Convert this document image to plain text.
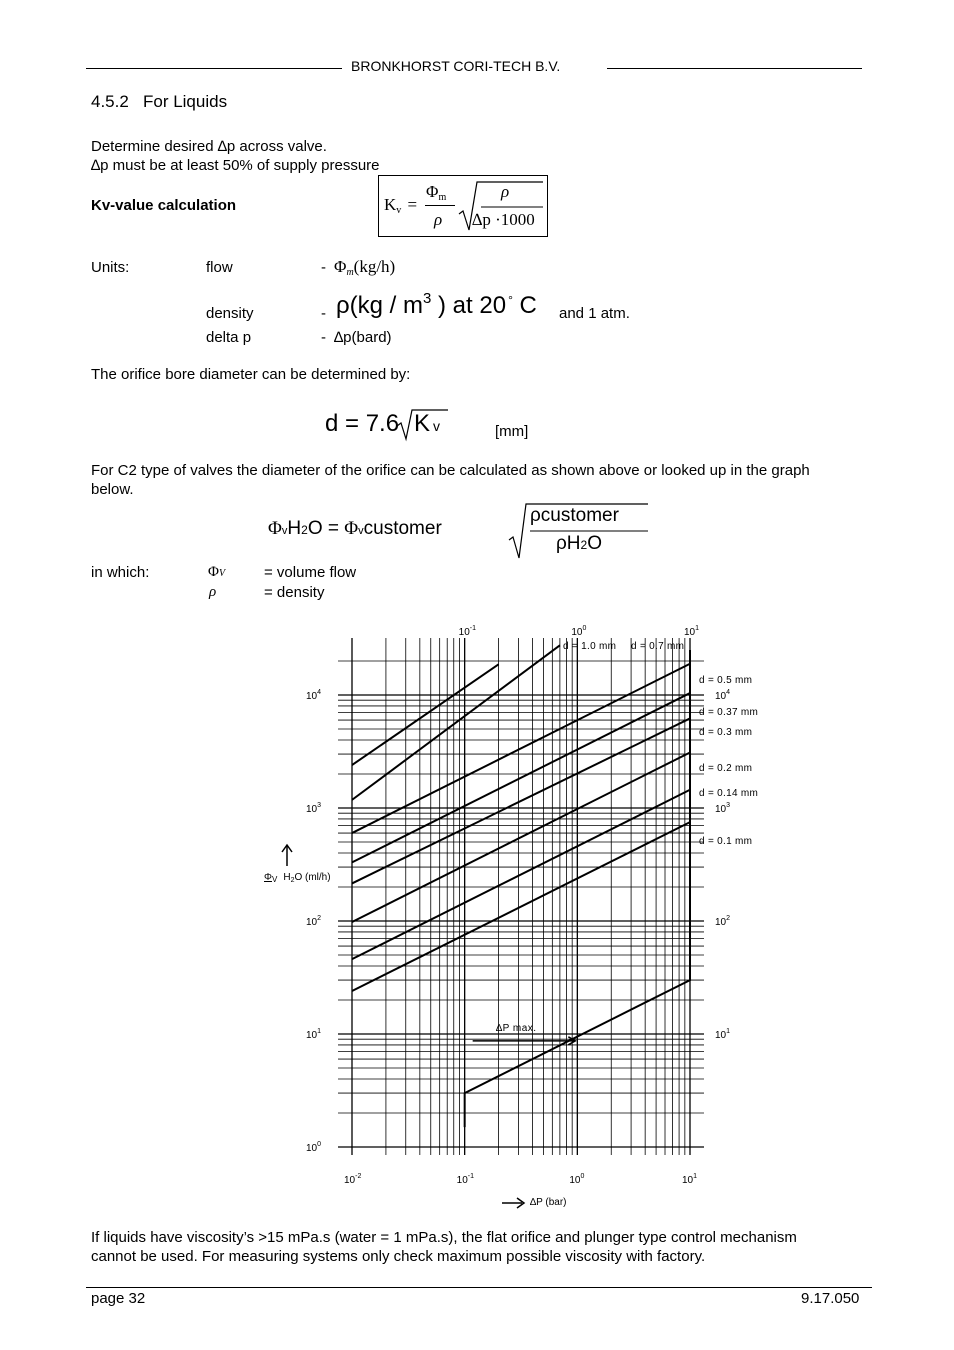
BRONKHORST CORI-TECH B.V.
4.5.2   For Liquids
Determine desired ∆p across valve.
∆p must be at least 50% of supply pressure
Kv-value calculation	Kv =
Φm
ρ
ρ
∆p ·1000
Units:	flow	- Φm(kg/h)
density	- $\rho(kg / m^3$ ) at 20 ° C and 1 atm.
delta p	- ∆p(bard)
The orifice bore diameter can be determined by:
d = 7.6 Kv	[mm]
For C2 type of valves the diameter of the orifice can be calculated as shown above or looked up in the graph
below.
ΦvH2O = Φvcustomer
ρcustomer
ρH2O
in which:	ΦV	= volume flow
ρ	= density
$10^{-2}$	$10^{-1}$	$10^0$	$10^1$
$10^{-1}$	$10^0$	$10^1$
$10^0$
$10^1$
$10^2$
$10^3$
$10^4$
$10^1$
$10^2$
$10^3$
$10^4$
d = 1.0 mm d = 0.7 mm
d = 0.5 mm
d = 0.37 mm
d = 0.3 mm
d = 0.2 mm
d = 0.14 mm
d = 0.1 mm
$\Phi_V$ $H_2O$ (ml/h)
∆P (bar)
∆P max.
If liquids have viscosity’s >15 mPa.s (water = 1 mPa.s), the flat orifice and plunger type control mechanism
cannot be used. For measuring systems only check maximum possible viscosity with factory.
page 32	9.17.050
